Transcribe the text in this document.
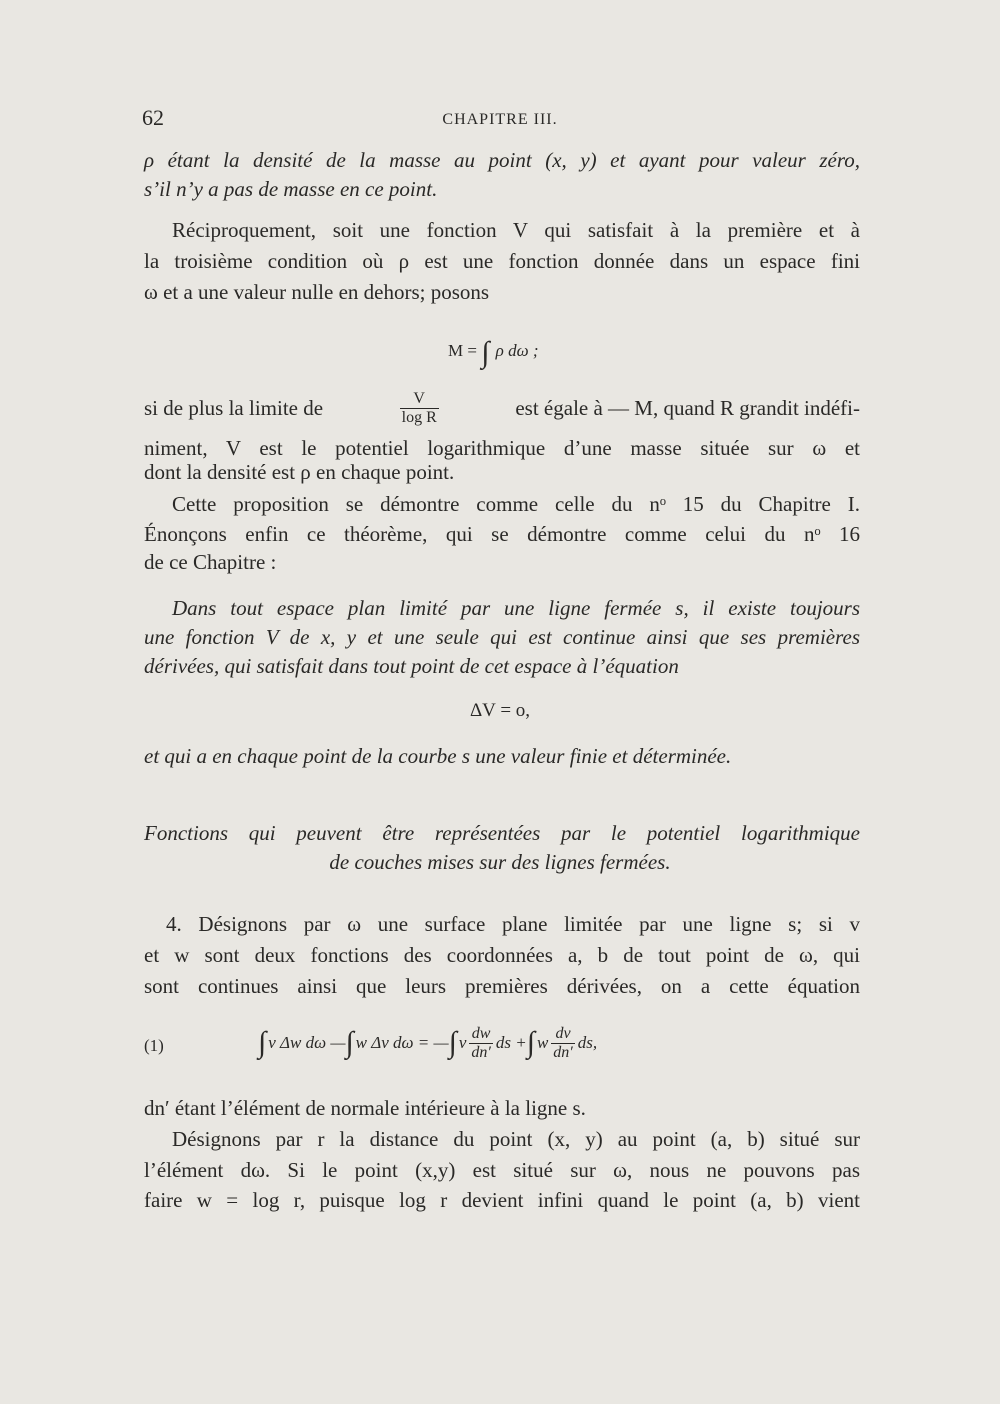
62	CHAPITRE III.
ρ étant la densité de la masse au point (x, y) et ayant pour valeur zéro,
s’il n’y a pas de masse en ce point.
Réciproquement, soit une fonction V qui satisfait à la première et à
la troisième condition où ρ est une fonction donnée dans un espace fini
ω et a une valeur nulle en dehors; posons
M = ∫ ρ dω ;
si de plus la limite de	$\frac{V}{\text{log R}}$	est égale à — M, quand R grandit indéfi-
niment, V est le potentiel logarithmique d’une masse située sur ω et
dont la densité est ρ en chaque point.
Cette proposition se démontre comme celle du nᵒ 15 du Chapitre I.
Énonçons enfin ce théorème, qui se démontre comme celui du nᵒ 16
de ce Chapitre :
Dans tout espace plan limité par une ligne fermée s, il existe toujours
une fonction V de x, y et une seule qui est continue ainsi que ses premières
dérivées, qui satisfait dans tout point de cet espace à l’équation
ΔV = o,
et qui a en chaque point de la courbe s une valeur finie et déterminée.
Fonctions qui peuvent être représentées par le potentiel logarithmique
de couches mises sur des lignes fermées.
4. Désignons par ω une surface plane limitée par une ligne s; si v
et w sont deux fonctions des coordonnées a, b de tout point de ω, qui
sont continues ainsi que leurs premières dérivées, on a cette équation
(1)	∫ v Δw dω — ∫ w Δv dω = — ∫ v $\frac{dw}{dn'}$ ds + ∫ w $\frac{dv}{dn'}$ ds,
dn′ étant l’élément de normale intérieure à la ligne s.
Désignons par r la distance du point (x, y) au point (a, b) situé sur
l’élément dω. Si le point (x,y) est situé sur ω, nous ne pouvons pas
faire w = log r, puisque log r devient infini quand le point (a, b) vient
